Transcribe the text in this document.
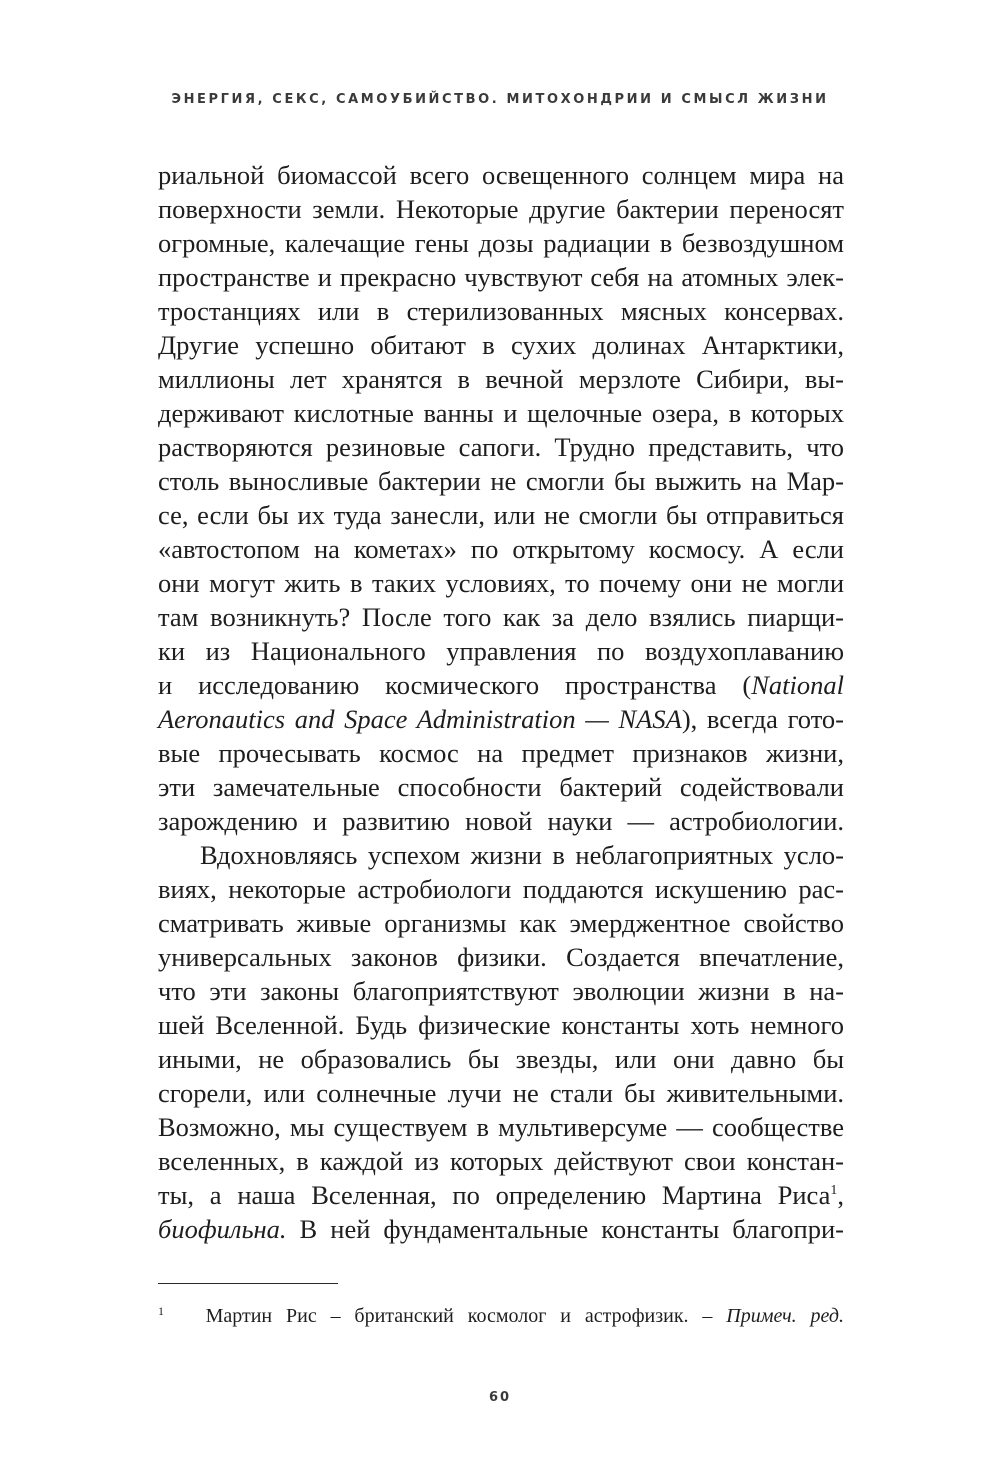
ЭНЕРГИЯ, СЕКС, САМОУБИЙСТВО. МИТОХОНДРИИ И СМЫСЛ ЖИЗНИ
риальной биомассой всего освещенного солнцем мира на
поверхности земли. Некоторые другие бактерии переносят
огромные, калечащие гены дозы радиации в безвоздушном
пространстве и прекрасно чувствуют себя на атомных элек-
тростанциях или в стерилизованных мясных консервах.
Другие успешно обитают в сухих долинах Антарктики,
миллионы лет хранятся в вечной мерзлоте Сибири, вы-
держивают кислотные ванны и щелочные озера, в которых
растворяются резиновые сапоги. Трудно представить, что
столь выносливые бактерии не смогли бы выжить на Мар-
се, если бы их туда занесли, или не смогли бы отправиться
«автостопом на кометах» по открытому космосу. А если
они могут жить в таких условиях, то почему они не могли
там возникнуть? После того как за дело взялись пиарщи-
ки из Национального управления по воздухоплаванию
и исследованию космического пространства (National
Aeronautics and Space Administration — NASA), всегда гото-
вые прочесывать космос на предмет признаков жизни,
эти замечательные способности бактерий содействовали
зарождению и развитию новой науки — астробиологии.
Вдохновляясь успехом жизни в неблагоприятных усло-
виях, некоторые астробиологи поддаются искушению рас-
сматривать живые организмы как эмерджентное свойство
универсальных законов физики. Создается впечатление,
что эти законы благоприятствуют эволюции жизни в на-
шей Вселенной. Будь физические константы хоть немного
иными, не образовались бы звезды, или они давно бы
сгорели, или солнечные лучи не стали бы живительными.
Возможно, мы существуем в мультиверсуме — сообществе
вселенных, в каждой из которых действуют свои констан-
ты, а наша Вселенная, по определению Мартина Риса$^1$,
биофильна. В ней фундаментальные константы благопри-
$^1$ Мартин Рис – британский космолог и астрофизик. – Примеч. ред.
60
